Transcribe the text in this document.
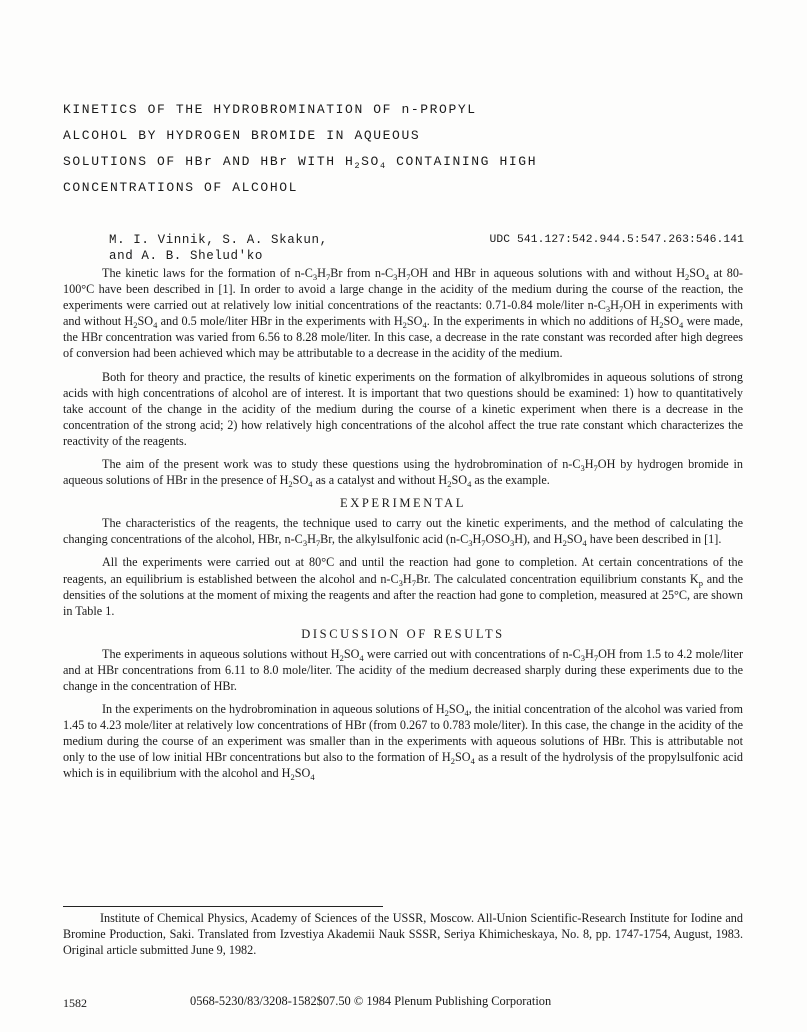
KINETICS OF THE HYDROBROMINATION OF n-PROPYL
ALCOHOL BY HYDROGEN BROMIDE IN AQUEOUS
SOLUTIONS OF HBr AND HBr WITH $H_2SO_4$ CONTAINING HIGH
CONCENTRATIONS OF ALCOHOL
M. I. Vinnik, S. A. Skakun,
and A. B. Shelud'ko
UDC 541.127:542.944.5:547.263:546.141

The kinetic laws for the formation of $n-C_3H_7Br$ from $n-C_3H_7OH$ and HBr in aqueous solutions with and without $H_2SO_4$ at 80-100°C have been described in [1]. In order to avoid a large change in the acidity of the medium during the course of the reaction, the experiments were carried out at relatively low initial concentrations of the reactants: 0.71-0.84 mole/liter $n-C_3H_7OH$ in experiments with and without $H_2SO_4$ and 0.5 mole/liter HBr in the experiments with $H_2SO_4$. In the experiments in which no additions of $H_2SO_4$ were made, the HBr concentration was varied from 6.56 to 8.28 mole/liter. In this case, a decrease in the rate constant was recorded after high degrees of conversion had been achieved which may be attributable to a decrease in the acidity of the medium.

Both for theory and practice, the results of kinetic experiments on the formation of alkylbromides in aqueous solutions of strong acids with high concentrations of alcohol are of interest. It is important that two questions should be examined: 1) how to quantitatively take account of the change in the acidity of the medium during the course of a kinetic experiment when there is a decrease in the concentration of the strong acid; 2) how relatively high concentrations of the alcohol affect the true rate constant which characterizes the reactivity of the reagents.

The aim of the present work was to study these questions using the hydrobromination of $n-C_3H_7OH$ by hydrogen bromide in aqueous solutions of HBr in the presence of $H_2SO_4$ as a catalyst and without $H_2SO_4$ as the example.

EXPERIMENTAL

The characteristics of the reagents, the technique used to carry out the kinetic experiments, and the method of calculating the changing concentrations of the alcohol, HBr, $n-C_3H_7Br$, the alkylsulfonic acid $(n-C_3H_7OSO_3H)$, and $H_2SO_4$ have been described in [1].

All the experiments were carried out at 80°C and until the reaction had gone to completion. At certain concentrations of the reagents, an equilibrium is established between the alcohol and $n-C_3H_7Br$. The calculated concentration equilibrium constants $K_p$ and the densities of the solutions at the moment of mixing the reagents and after the reaction had gone to completion, measured at 25°C, are shown in Table 1.

DISCUSSION OF RESULTS

The experiments in aqueous solutions without $H_2SO_4$ were carried out with concentrations of $n-C_3H_7OH$ from 1.5 to 4.2 mole/liter and at HBr concentrations from 6.11 to 8.0 mole/liter. The acidity of the medium decreased sharply during these experiments due to the change in the concentration of HBr.

In the experiments on the hydrobromination in aqueous solutions of $H_2SO_4$, the initial concentration of the alcohol was varied from 1.45 to 4.23 mole/liter at relatively low concentrations of HBr (from 0.267 to 0.783 mole/liter). In this case, the change in the acidity of the medium during the course of an experiment was smaller than in the experiments with aqueous solutions of HBr. This is attributable not only to the use of low initial HBr concentrations but also to the formation of $H_2SO_4$ as a result of the hydrolysis of the propylsulfonic acid which is in equilibrium with the alcohol and $H_2SO_4$

Institute of Chemical Physics, Academy of Sciences of the USSR, Moscow. All-Union Scientific-Research Institute for Iodine and Bromine Production, Saki. Translated from Izvestiya Akademii Nauk SSSR, Seriya Khimicheskaya, No. 8, pp. 1747-1754, August, 1983. Original article submitted June 9, 1982.
1582	0568-5230/83/3208-1582$07.50 © 1984 Plenum Publishing Corporation
